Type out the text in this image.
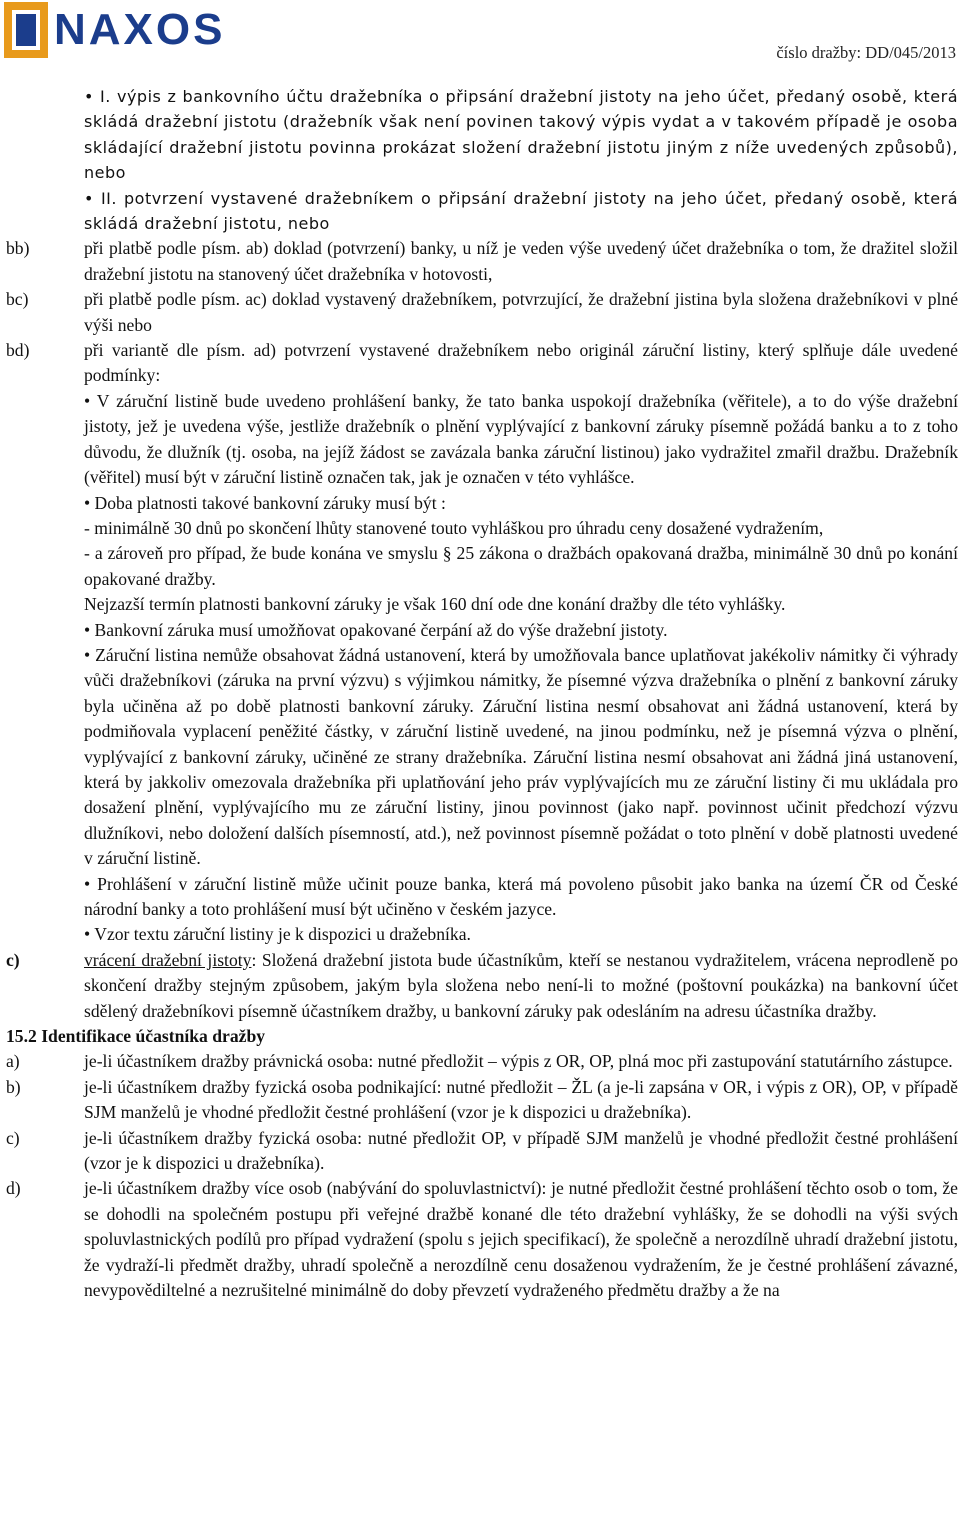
NAXOS	číslo dražby: DD/045/2013
• I. výpis z bankovního účtu dražebníka o připsání dražební jistoty na jeho účet, předaný osobě, která skládá dražební jistotu (dražebník však není povinen takový výpis vydat a v takovém případě je osoba skládající dražební jistotu povinna prokázat složení dražební jistotu jiným z níže uvedených způsobů), nebo
• II. potvrzení vystavené dražebníkem o připsání dražební jistoty na jeho účet, předaný osobě, která skládá dražební jistotu, nebo
bb)	při platbě podle písm. ab) doklad (potvrzení) banky, u níž je veden výše uvedený účet dražebníka o tom, že dražitel složil dražební jistotu na stanovený účet dražebníka v hotovosti,
bc)	při platbě podle písm. ac) doklad vystavený dražebníkem, potvrzující, že dražební jistina byla složena dražebníkovi v plné výši nebo
bd)	při variantě dle písm. ad) potvrzení vystavené dražebníkem nebo originál záruční listiny, který splňuje dále uvedené podmínky:
• V záruční listině bude uvedeno prohlášení banky, že tato banka uspokojí dražebníka (věřitele), a to do výše dražební jistoty, jež je uvedena výše, jestliže dražebník o plnění vyplývající z bankovní záruky písemně požádá banku a to z toho důvodu, že dlužník (tj. osoba, na jejíž žádost se zavázala banka záruční listinou) jako vydražitel zmařil dražbu. Dražebník (věřitel) musí být v záruční listině označen tak, jak je označen v této vyhlášce.
• Doba platnosti takové bankovní záruky musí být :
- minimálně 30 dnů po skončení lhůty stanovené touto vyhláškou pro úhradu ceny dosažené vydražením,
- a zároveň pro případ, že bude konána ve smyslu § 25 zákona o dražbách opakovaná dražba, minimálně 30 dnů po konání opakované dražby.
Nejzazší termín platnosti bankovní záruky je však 160 dní ode dne konání dražby dle této vyhlášky.
• Bankovní záruka musí umožňovat opakované čerpání až do výše dražební jistoty.
• Záruční listina nemůže obsahovat žádná ustanovení, která by umožňovala bance uplatňovat jakékoliv námitky či výhrady vůči dražebníkovi (záruka na první výzvu) s výjimkou námitky, že písemné výzva dražebníka o plnění z bankovní záruky byla učiněna až po době platnosti bankovní záruky. Záruční listina nesmí obsahovat ani žádná ustanovení, která by podmiňovala vyplacení peněžité částky, v záruční listině uvedené, na jinou podmínku, než je písemná výzva o plnění, vyplývající z bankovní záruky, učiněné ze strany dražebníka. Záruční listina nesmí obsahovat ani žádná jiná ustanovení, která by jakkoliv omezovala dražebníka při uplatňování jeho práv vyplývajících mu ze záruční listiny či mu ukládala pro dosažení plnění, vyplývajícího mu ze záruční listiny, jinou povinnost (jako např. povinnost učinit předchozí výzvu dlužníkovi, nebo doložení dalších písemností, atd.), než povinnost písemně požádat o toto plnění v době platnosti uvedené v záruční listině.
• Prohlášení v záruční listině může učinit pouze banka, která má povoleno působit jako banka na území ČR od České národní banky a toto prohlášení musí být učiněno v českém jazyce.
• Vzor textu záruční listiny je k dispozici u dražebníka.
c)	vrácení dražební jistoty: Složená dražební jistota bude účastníkům, kteří se nestanou vydražitelem, vrácena neprodleně po skončení dražby stejným způsobem, jakým byla složena nebo není-li to možné (poštovní poukázka) na bankovní účet sdělený dražebníkovi písemně účastníkem dražby, u bankovní záruky pak odesláním na adresu účastníka dražby.
15.2 Identifikace účastníka dražby
a)	je-li účastníkem dražby právnická osoba: nutné předložit – výpis z OR, OP, plná moc při zastupování statutárního zástupce.
b)	je-li účastníkem dražby fyzická osoba podnikající: nutné předložit – ŽL (a je-li zapsána v OR, i výpis z OR), OP, v případě SJM manželů je vhodné předložit čestné prohlášení (vzor je k dispozici u dražebníka).
c)	je-li účastníkem dražby fyzická osoba: nutné předložit OP, v případě SJM manželů je vhodné předložit čestné prohlášení (vzor je k dispozici u dražebníka).
d)	je-li účastníkem dražby více osob (nabývání do spoluvlastnictví): je nutné předložit čestné prohlášení těchto osob o tom, že se dohodli na společném postupu při veřejné dražbě konané dle této dražební vyhlášky, že se dohodli na výši svých spoluvlastnických podílů pro případ vydražení (spolu s jejich specifikací), že společně a nerozdílně uhradí dražební jistotu, že vydraží-li předmět dražby, uhradí společně a nerozdílně cenu dosaženou vydražením, že je čestné prohlášení závazné, nevypovědiltelné a nezrušitelné minimálně do doby převzetí vydraženého předmětu dražby a že na
